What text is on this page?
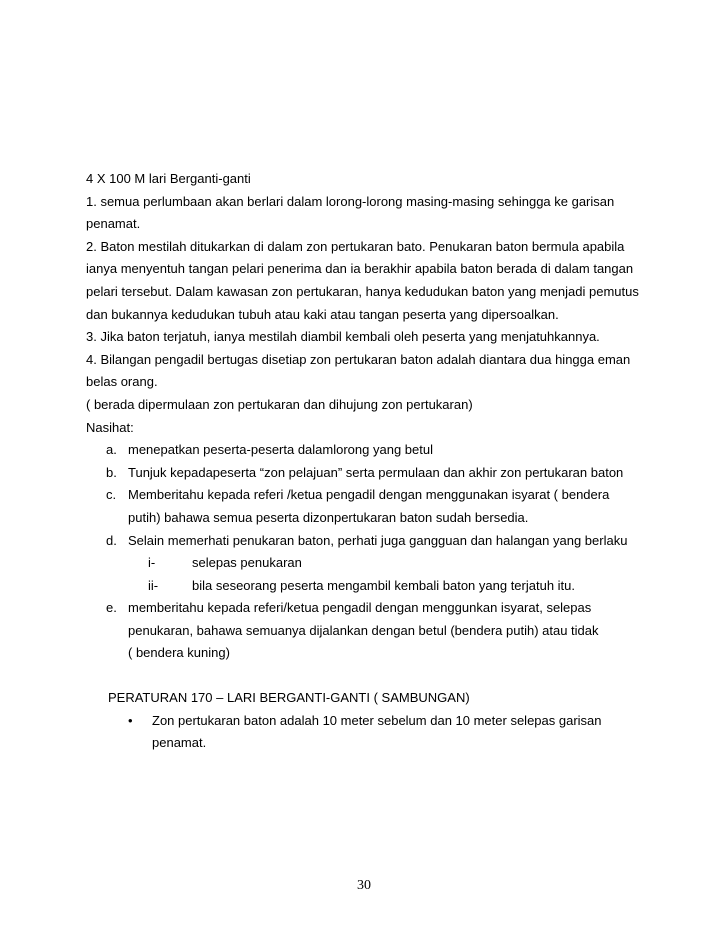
4 X 100 M lari Berganti-ganti
1. semua perlumbaan akan berlari dalam lorong-lorong masing-masing sehingga ke garisan
penamat.
2. Baton mestilah ditukarkan di dalam zon pertukaran bato. Penukaran baton bermula apabila
ianya menyentuh tangan pelari penerima dan ia berakhir apabila baton berada di dalam tangan
pelari tersebut. Dalam kawasan zon pertukaran, hanya kedudukan baton yang menjadi pemutus
dan bukannya kedudukan tubuh atau kaki atau tangan peserta yang dipersoalkan.
3. Jika baton terjatuh, ianya mestilah diambil kembali oleh peserta yang menjatuhkannya.
4. Bilangan pengadil bertugas disetiap zon pertukaran baton adalah diantara dua hingga eman
belas orang.
( berada dipermulaan zon pertukaran dan dihujung zon pertukaran)
Nasihat:
a. menepatkan peserta-peserta dalamlorong yang betul
b. Tunjuk kepadapeserta “zon pelajuan” serta permulaan dan akhir zon pertukaran baton
c. Memberitahu kepada referi /ketua pengadil dengan menggunakan isyarat ( bendera
putih) bahawa semua peserta dizonpertukaran baton sudah bersedia.
d. Selain memerhati penukaran baton, perhati juga gangguan dan halangan yang berlaku
i-	selepas penukaran
ii-	bila seseorang peserta mengambil kembali baton yang terjatuh itu.
e. memberitahu kepada referi/ketua pengadil dengan menggunkan isyarat, selepas
penukaran, bahawa semuanya dijalankan dengan betul (bendera putih) atau tidak
( bendera kuning)
PERATURAN 170 – LARI BERGANTI-GANTI ( SAMBUNGAN)
• Zon pertukaran baton adalah 10 meter sebelum dan 10 meter selepas garisan
penamat.
30
